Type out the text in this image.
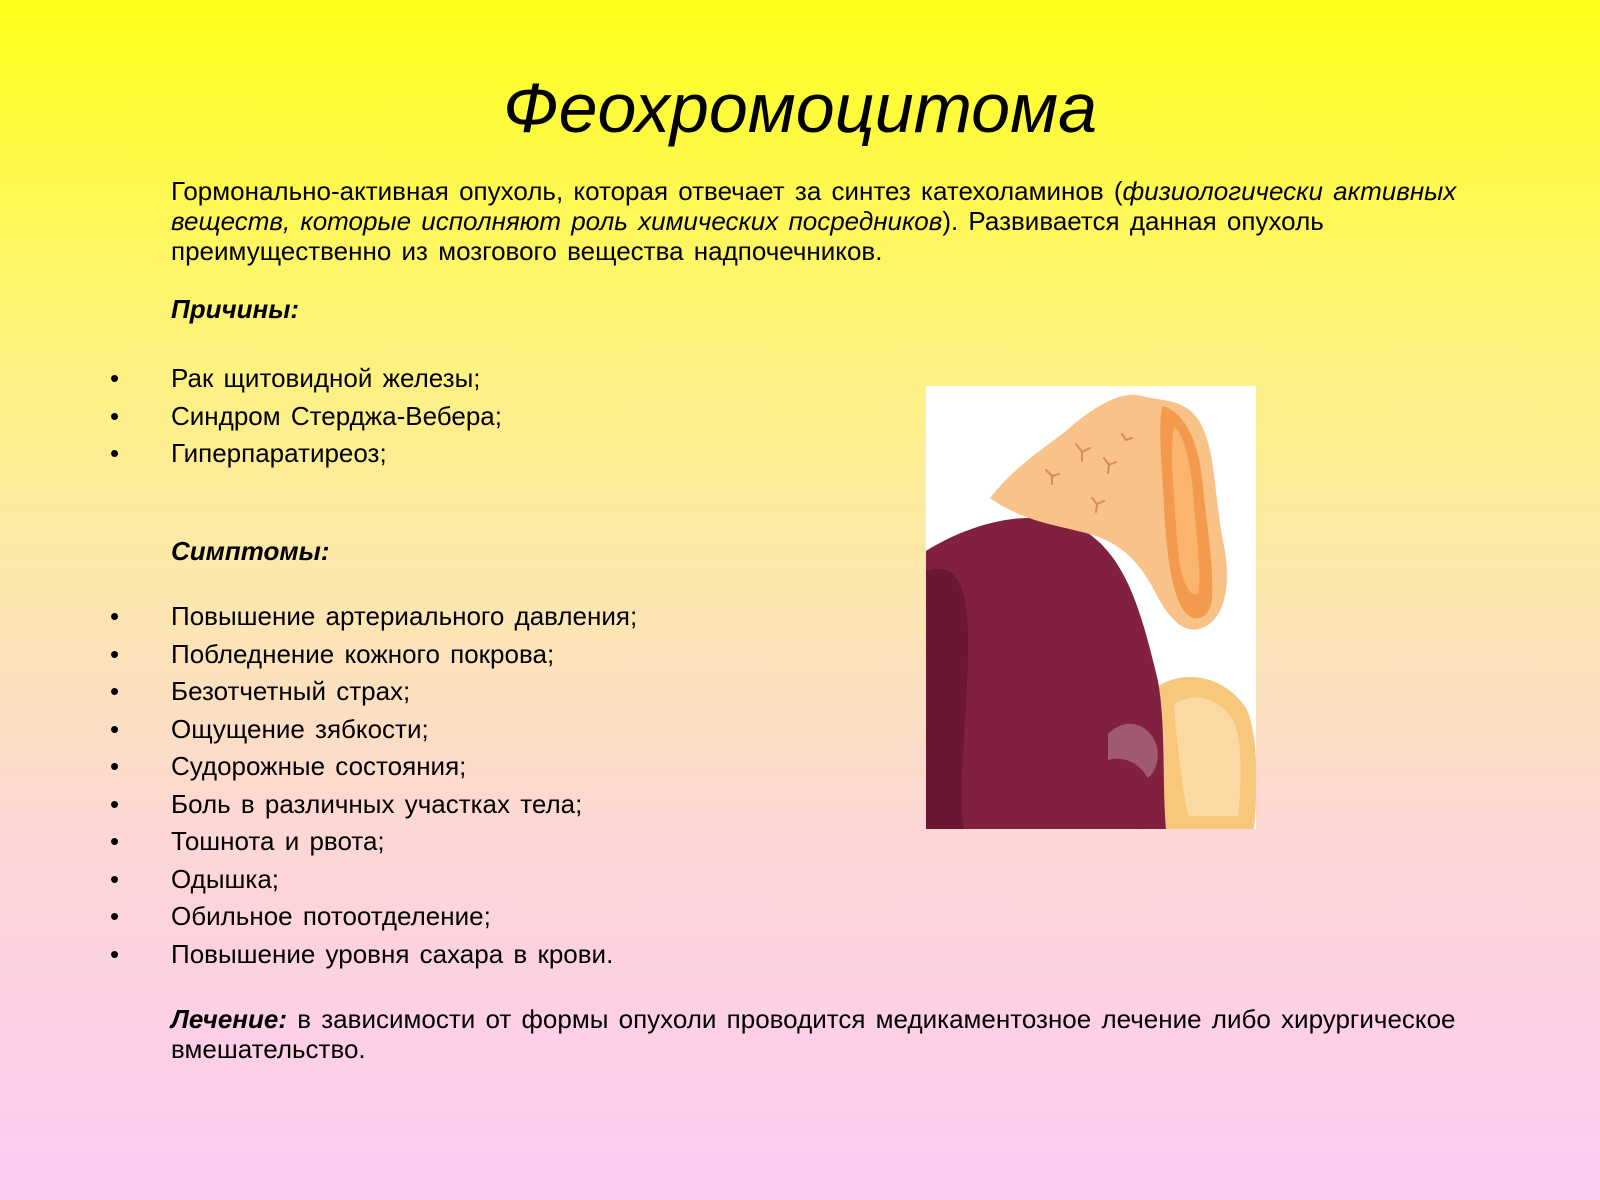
Феохромоцитома
Гормонально-активная опухоль, которая отвечает за синтез катехоламинов (физиологически активных веществ, которые исполняют роль химических посредников). Развивается данная опухоль преимущественно из мозгового вещества надпочечников.
Причины:
• Рак щитовидной железы;
• Синдром Стерджа-Вебера;
• Гиперпаратиреоз;
Симптомы:
• Повышение артериального давления;
• Побледнение кожного покрова;
• Безотчетный страх;
• Ощущение зябкости;
• Судорожные состояния;
• Боль в различных участках тела;
• Тошнота и рвота;
• Одышка;
• Обильное потоотделение;
• Повышение уровня сахара в крови.
Лечение: в зависимости от формы опухоли проводится медикаментозное лечение либо хирургическое вмешательство.
